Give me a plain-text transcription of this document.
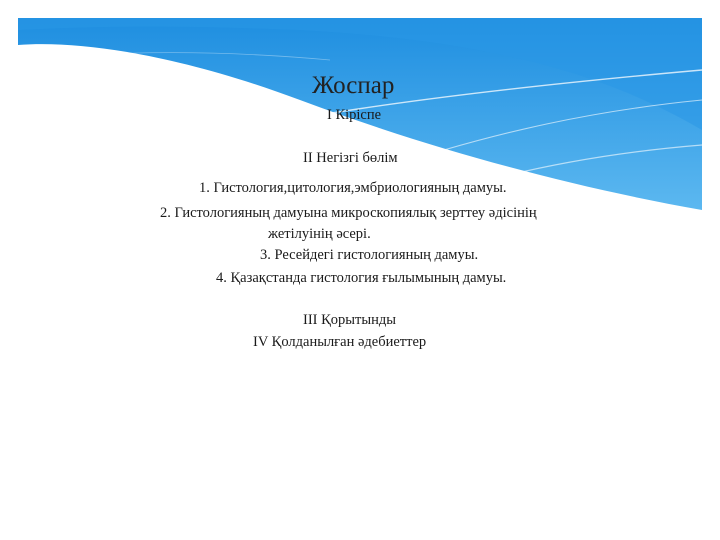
Жоспар
I Кіріспе
II Негізгі бөлім
1. Гистология,цитология,эмбриологияның дамуы.
2. Гистологияның дамуына микроскопиялық зерттеу әдісінің
жетілуінің әсері.
3. Ресейдегі гистологияның дамуы.
4. Қазақстанда гистология ғылымының дамуы.
III Қорытынды
IV Қолданылған әдебиеттер
